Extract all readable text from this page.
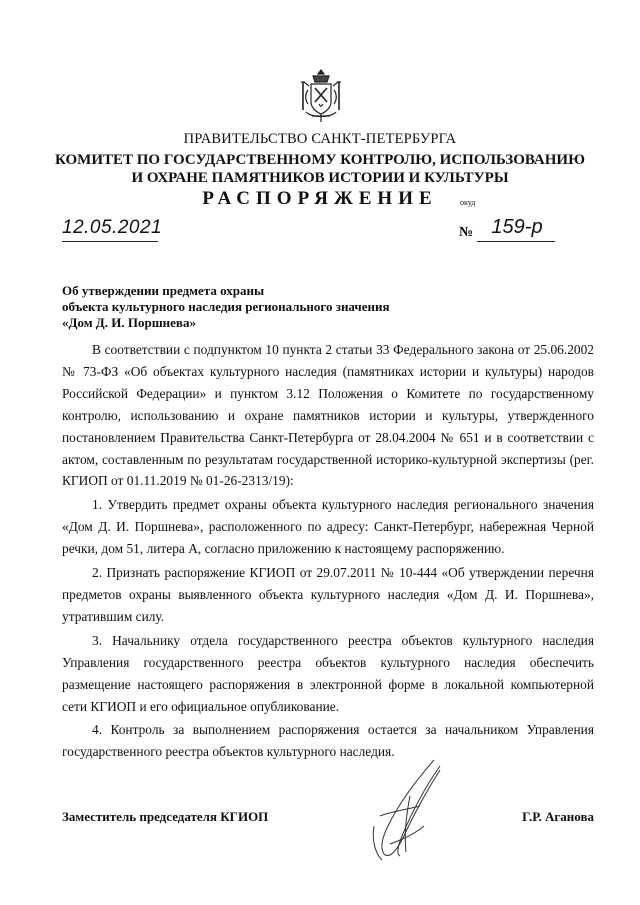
ПРАВИТЕЛЬСТВО САНКТ-ПЕТЕРБУРГА
КОМИТЕТ ПО ГОСУДАРСТВЕННОМУ КОНТРОЛЮ, ИСПОЛЬЗОВАНИЮ
И ОХРАНЕ ПАМЯТНИКОВ ИСТОРИИ И КУЛЬТУРЫ
РАСПОРЯЖЕНИЕ	окуд
12.05.2021	№ 159-р
Об утверждении предмета охраны
объекта культурного наследия регионального значения
«Дом Д. И. Поршнева»

В соответствии с подпунктом 10 пункта 2 статьи 33 Федерального закона от 25.06.2002 № 73-ФЗ «Об объектах культурного наследия (памятниках истории и культуры) народов Российской Федерации» и пунктом 3.12 Положения о Комитете по государственному контролю, использованию и охране памятников истории и культуры, утвержденного постановлением Правительства Санкт-Петербурга от 28.04.2004 № 651 и в соответствии с актом, составленным по результатам государственной историко-культурной экспертизы (рег. КГИОП от 01.11.2019 № 01-26-2313/19):

1. Утвердить предмет охраны объекта культурного наследия регионального значения «Дом Д. И. Поршнева», расположенного по адресу: Санкт-Петербург, набережная Черной речки, дом 51, литера А, согласно приложению к настоящему распоряжению.

2. Признать распоряжение КГИОП от 29.07.2011 № 10-444 «Об утверждении перечня предметов охраны выявленного объекта культурного наследия «Дом Д. И. Поршнева», утратившим силу.

3. Начальнику отдела государственного реестра объектов культурного наследия Управления государственного реестра объектов культурного наследия обеспечить размещение настоящего распоряжения в электронной форме в локальной компьютерной сети КГИОП и его официальное опубликование.

4. Контроль за выполнением распоряжения остается за начальником Управления государственного реестра объектов культурного наследия.

Заместитель председателя КГИОП	Г.Р. Аганова
